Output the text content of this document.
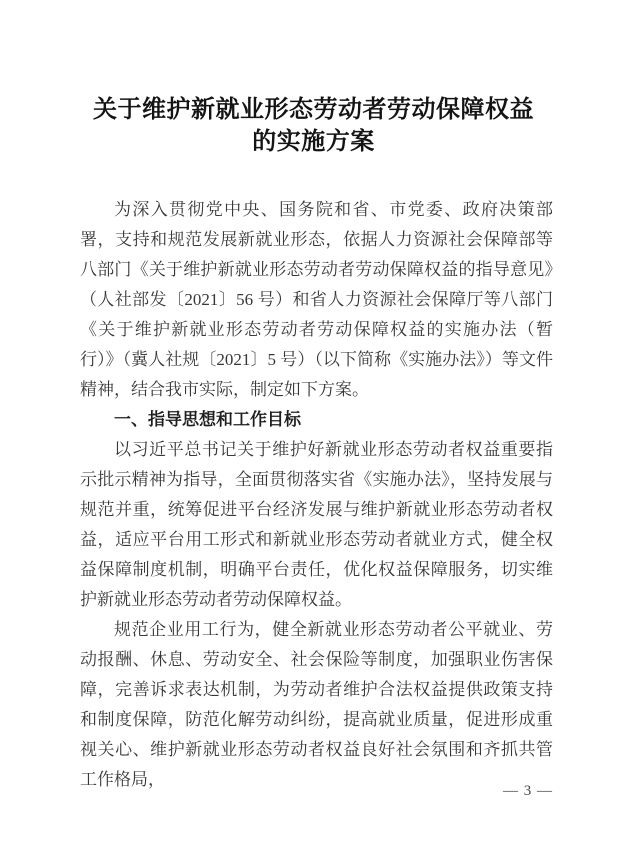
关于维护新就业形态劳动者劳动保障权益
的实施方案

为深入贯彻党中央、国务院和省、市党委、政府决策部署，支持和规范发展新就业形态，依据人力资源社会保障部等八部门《关于维护新就业形态劳动者劳动保障权益的指导意见》（人社部发〔2021〕56 号）和省人力资源社会保障厅等八部门《关于维护新就业形态劳动者劳动保障权益的实施办法（暂行）》（冀人社规〔2021〕5 号）（以下简称《实施办法》）等文件精神，结合我市实际，制定如下方案。

一、指导思想和工作目标

以习近平总书记关于维护好新就业形态劳动者权益重要指示批示精神为指导，全面贯彻落实省《实施办法》，坚持发展与规范并重，统筹促进平台经济发展与维护新就业形态劳动者权益，适应平台用工形式和新就业形态劳动者就业方式，健全权益保障制度机制，明确平台责任，优化权益保障服务，切实维护新就业形态劳动者劳动保障权益。

规范企业用工行为，健全新就业形态劳动者公平就业、劳动报酬、休息、劳动安全、社会保险等制度，加强职业伤害保障，完善诉求表达机制，为劳动者维护合法权益提供政策支持和制度保障，防范化解劳动纠纷，提高就业质量，促进形成重视关心、维护新就业形态劳动者权益良好社会氛围和齐抓共管工作格局，

— 3 —
